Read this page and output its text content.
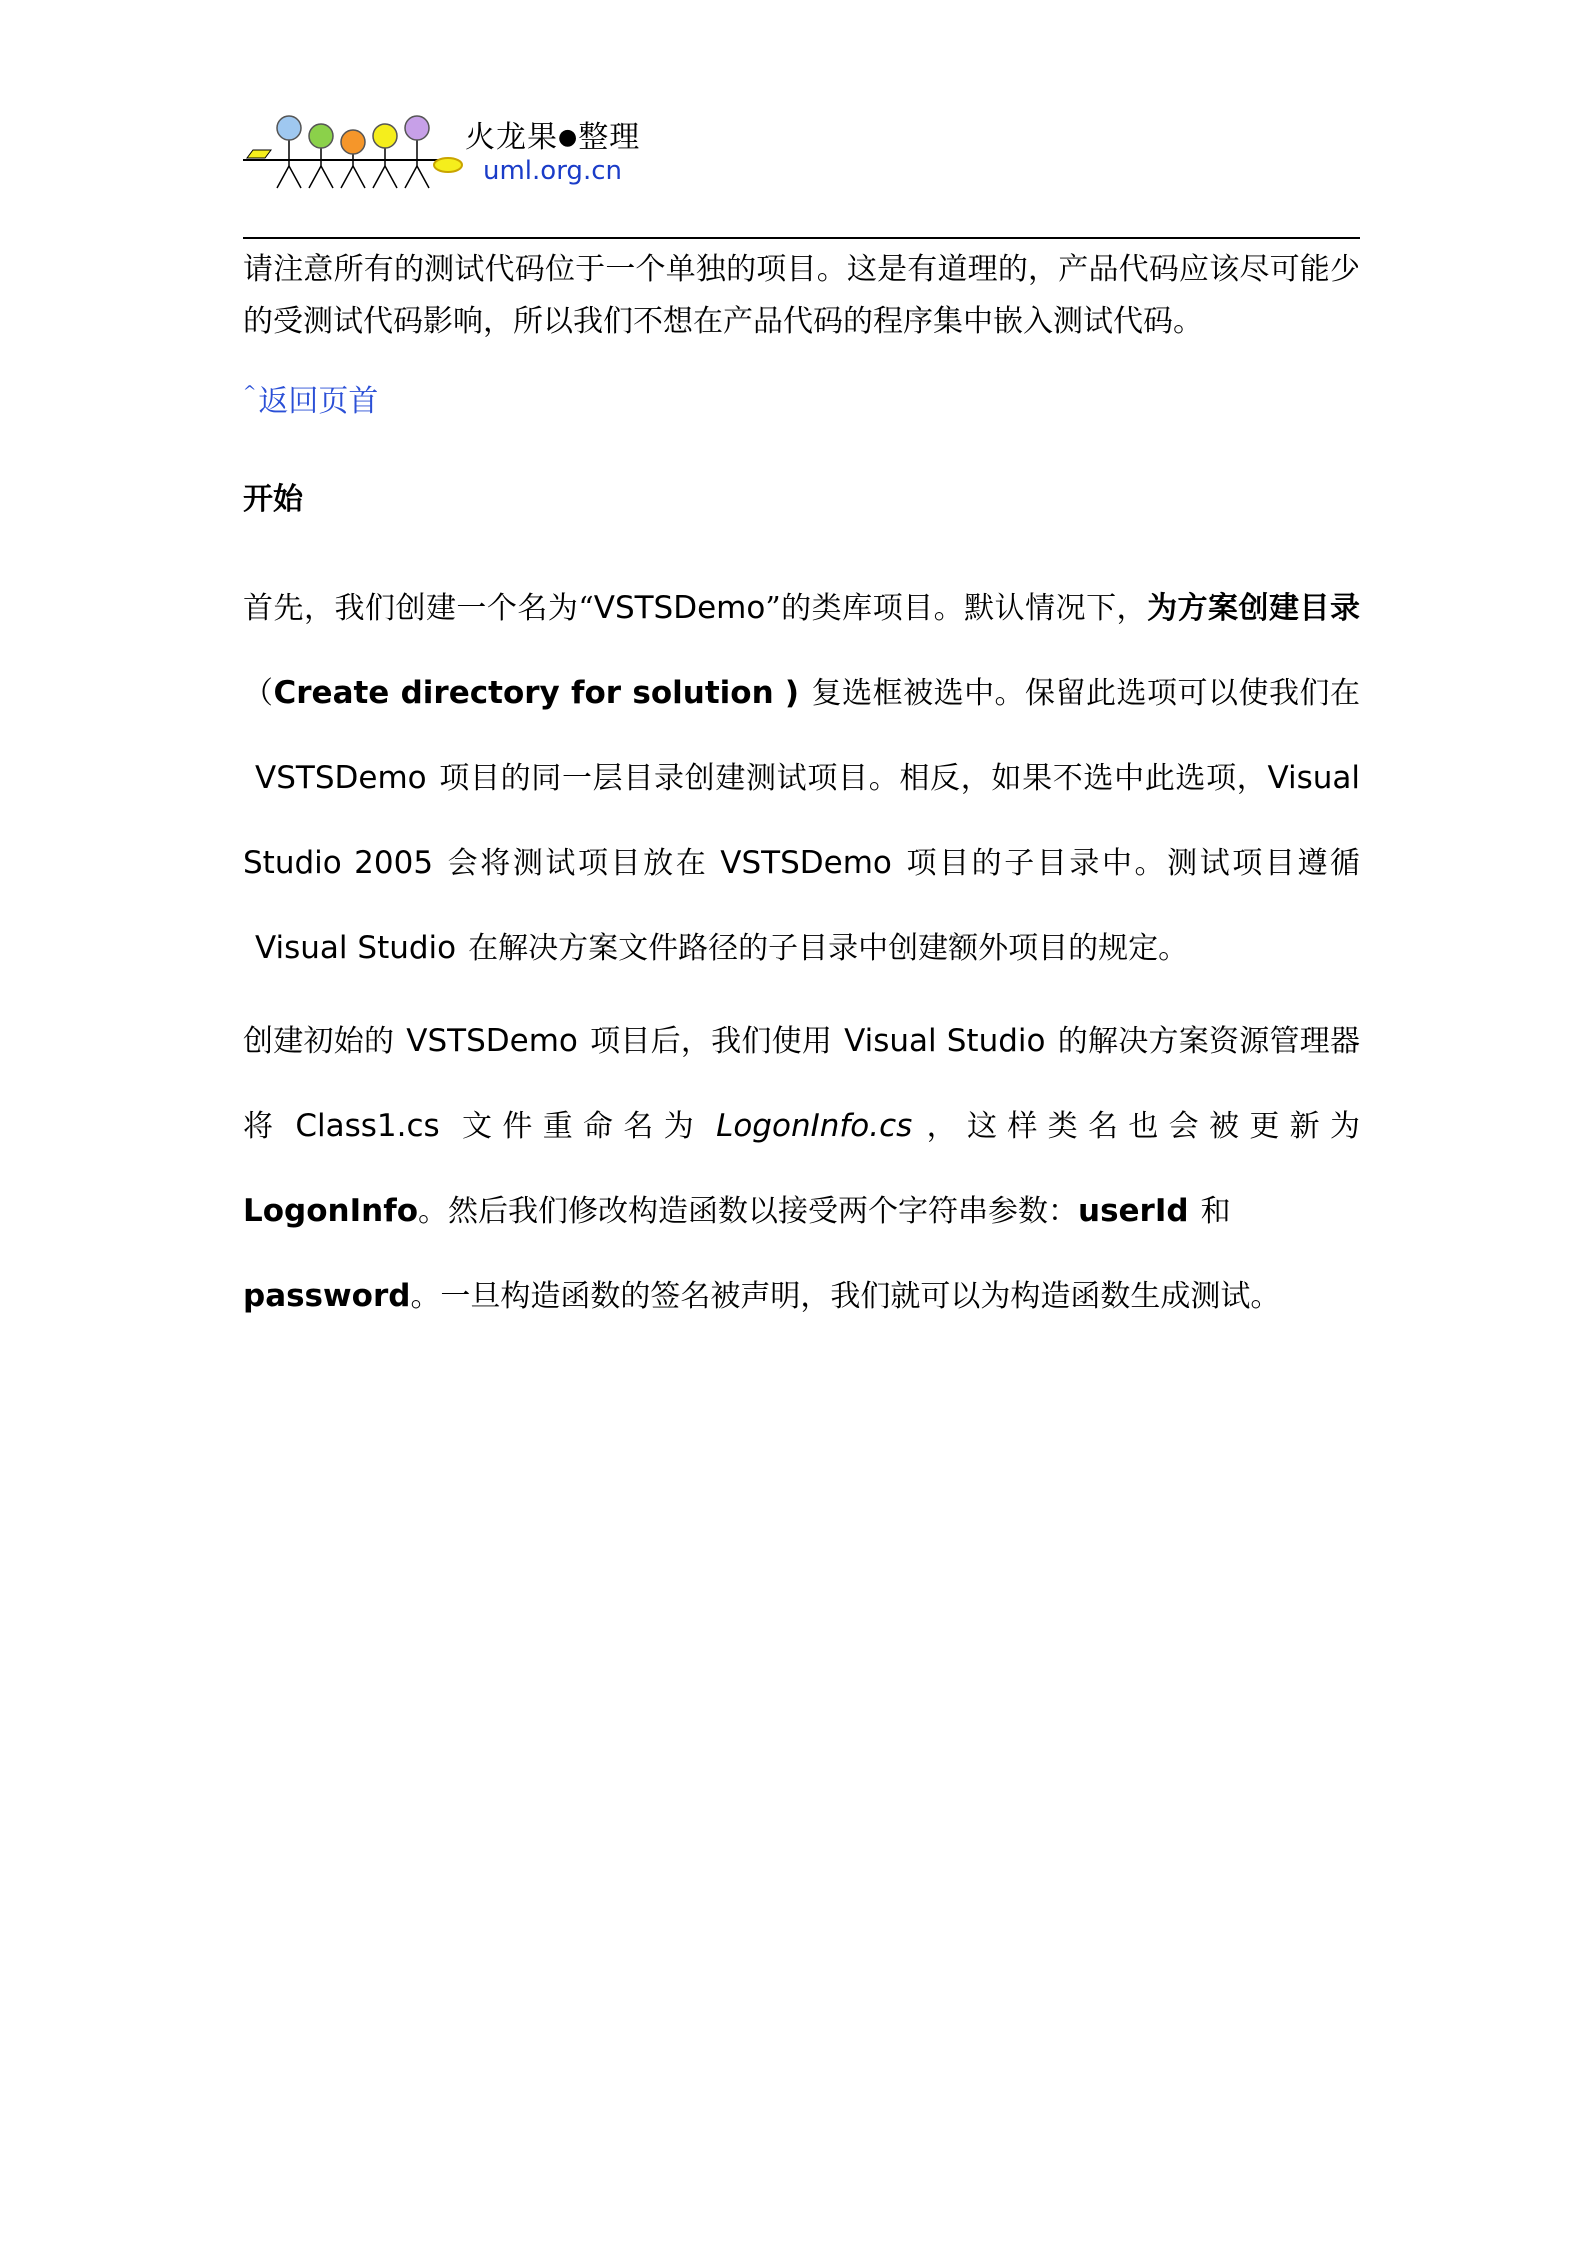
火龙果●整理
uml.org.cn

请注意所有的测试代码位于一个单独的项目。这是有道理的，产品代码应该尽可能少的受测试代码影响，所以我们不想在产品代码的程序集中嵌入测试代码。

^返回页首
开始

首先，我们创建一个名为“VSTSDemo”的类库项目。默认情况下，为方案创建目录（Create directory for solution ) 复选框被选中。保留此选项可以使我们在VSTSDemo 项目的同一层目录创建测试项目。相反，如果不选中此选项，Visual Studio 2005 会将测试项目放在 VSTSDemo 项目的子目录中。测试项目遵循Visual Studio 在解决方案文件路径的子目录中创建额外项目的规定。

创建初始的 VSTSDemo 项目后，我们使用 Visual Studio 的解决方案资源管理器将 Class1.cs 文件重命名为 LogonInfo.cs ，这样类名也会被更新为LogonInfo。然后我们修改构造函数以接受两个字符串参数：userId 和
password。一旦构造函数的签名被声明，我们就可以为构造函数生成测试。
